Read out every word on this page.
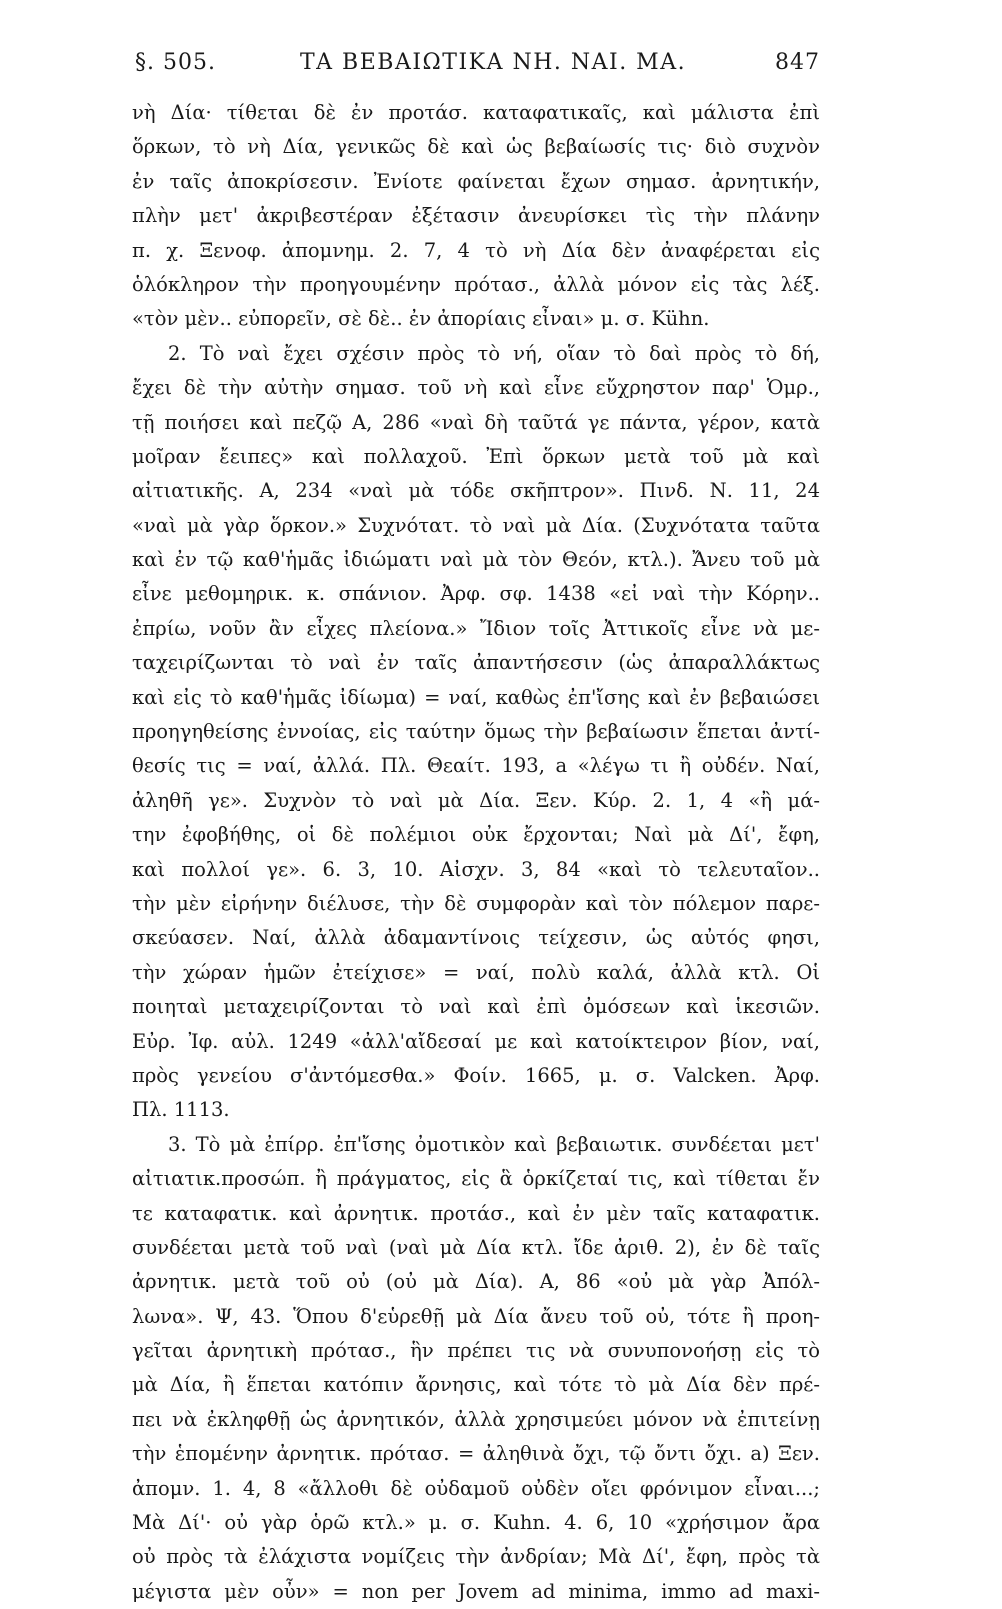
§. 505.	ΤΑ ΒΕΒΑΙΩΤΙΚΑ ΝΗ. ΝΑΙ. ΜΑ.	847
νὴ Δία· τίθεται δὲ ἐν προτάσ. καταφατικαῖς, καὶ μάλιστα ἐπὶ
ὅρκων, τὸ νὴ Δία, γενικῶς δὲ καὶ ὡς βεβαίωσίς τις· διὸ συχνὸν
ἐν ταῖς ἀποκρίσεσιν. Ἐνίοτε φαίνεται ἔχων σημασ. ἀρνητικήν,
πλὴν μετ' ἀκριβεστέραν ἐξέτασιν ἀνευρίσκει τὶς τὴν πλάνην
π. χ. Ξενοφ. ἀπομνημ. 2. 7, 4 τὸ νὴ Δία δὲν ἀναφέρεται εἰς
ὁλόκληρον τὴν προηγουμένην πρότασ., ἀλλὰ μόνον εἰς τὰς λέξ.
«τὸν μὲν.. εὐπορεῖν, σὲ δὲ.. ἐν ἀπορίαις εἶναι» μ. σ. Kühn.
2. Τὸ ναὶ ἔχει σχέσιν πρὸς τὸ νή, οἵαν τὸ δαὶ πρὸς τὸ δή,
ἔχει δὲ τὴν αὐτὴν σημασ. τοῦ νὴ καὶ εἶνε εὔχρηστον παρ' Ὁμρ.,
τῇ ποιήσει καὶ πεζῷ Α, 286 «ναὶ δὴ ταῦτά γε πάντα, γέρον, κατὰ
μοῖραν ἔειπες» καὶ πολλαχοῦ. Ἐπὶ ὅρκων μετὰ τοῦ μὰ καὶ
αἰτιατικῆς. Α, 234 «ναὶ μὰ τόδε σκῆπτρον». Πινδ. Ν. 11, 24
«ναὶ μὰ γὰρ ὅρκον.» Συχνότατ. τὸ ναὶ μὰ Δία. (Συχνότατα ταῦτα
καὶ ἐν τῷ καθ'ἡμᾶς ἰδιώματι ναὶ μὰ τὸν Θεόν, κτλ.). Ἄνευ τοῦ μὰ
εἶνε μεθομηρικ. κ. σπάνιον. Ἀρφ. σφ. 1438 «εἰ ναὶ τὴν Κόρην..
ἐπρίω, νοῦν ἂν εἶχες πλείονα.» Ἴδιον τοῖς Ἀττικοῖς εἶνε νὰ με-
ταχειρίζωνται τὸ ναὶ ἐν ταῖς ἀπαντήσεσιν (ὡς ἀπαραλλάκτως
καὶ εἰς τὸ καθ'ἡμᾶς ἰδίωμα) = ναί, καθὼς ἐπ'ἴσης καὶ ἐν βεβαιώσει
προηγηθείσης ἐννοίας, εἰς ταύτην ὅμως τὴν βεβαίωσιν ἕπεται ἀντί-
θεσίς τις = ναί, ἀλλά. Πλ. Θεαίτ. 193, a «λέγω τι ἢ οὐδέν. Ναί,
ἀληθῆ γε». Συχνὸν τὸ ναὶ μὰ Δία. Ξεν. Κύρ. 2. 1, 4 «ἢ μά-
την ἐφοβήθης, οἱ δὲ πολέμιοι οὐκ ἔρχονται; Ναὶ μὰ Δί', ἔφη,
καὶ πολλοί γε». 6. 3, 10. Αἰσχν. 3, 84 «καὶ τὸ τελευταῖον..
τὴν μὲν εἰρήνην διέλυσε, τὴν δὲ συμφορὰν καὶ τὸν πόλεμον παρε-
σκεύασεν. Ναί, ἀλλὰ ἀδαμαντίνοις τείχεσιν, ὡς αὐτός φησι,
τὴν χώραν ἡμῶν ἐτείχισε» = ναί, πολὺ καλά, ἀλλὰ κτλ. Οἱ
ποιηταὶ μεταχειρίζονται τὸ ναὶ καὶ ἐπὶ ὀμόσεων καὶ ἱκεσιῶν.
Εὐρ. Ἰφ. αὐλ. 1249 «ἀλλ'αἴδεσαί με καὶ κατοίκτειρον βίον, ναί,
πρὸς γενείου σ'ἀντόμεσθα.» Φοίν. 1665, μ. σ. Valcken. Ἀρφ.
Πλ. 1113.
3. Τὸ μὰ ἐπίρρ. ἐπ'ἴσης ὀμοτικὸν καὶ βεβαιωτικ. συνδέεται μετ'
αἰτιατικ.προσώπ. ἢ πράγματος, εἰς ἃ ὁρκίζεταί τις, καὶ τίθεται ἔν
τε καταφατικ. καὶ ἀρνητικ. προτάσ., καὶ ἐν μὲν ταῖς καταφατικ.
συνδέεται μετὰ τοῦ ναὶ (ναὶ μὰ Δία κτλ. ἴδε ἀριθ. 2), ἐν δὲ ταῖς
ἀρνητικ. μετὰ τοῦ οὐ (οὐ μὰ Δία). Α, 86 «οὐ μὰ γὰρ Ἀπόλ-
λωνα». Ψ, 43. Ὅπου δ'εὑρεθῇ μὰ Δία ἄνευ τοῦ οὐ, τότε ἢ προη-
γεῖται ἀρνητικὴ πρότασ., ἣν πρέπει τις νὰ συνυπονοήσῃ εἰς τὸ
μὰ Δία, ἢ ἕπεται κατόπιν ἄρνησις, καὶ τότε τὸ μὰ Δία δὲν πρέ-
πει νὰ ἐκληφθῇ ὡς ἀρνητικόν, ἀλλὰ χρησιμεύει μόνον νὰ ἐπιτείνῃ
τὴν ἑπομένην ἀρνητικ. πρότασ. = ἀληθινὰ ὄχι, τῷ ὄντι ὄχι. a) Ξεν.
ἀπομν. 1. 4, 8 «ἄλλοθι δὲ οὐδαμοῦ οὐδὲν οἴει φρόνιμον εἶναι...;
Μὰ Δί'· οὐ γὰρ ὁρῶ κτλ.» μ. σ. Kuhn. 4. 6, 10 «χρήσιμον ἄρα
οὐ πρὸς τὰ ἐλάχιστα νομίζεις τὴν ἀνδρίαν; Μὰ Δί', ἔφη, πρὸς τὰ
μέγιστα μὲν οὖν» = non per Jovem ad minima, immo ad maxi-
